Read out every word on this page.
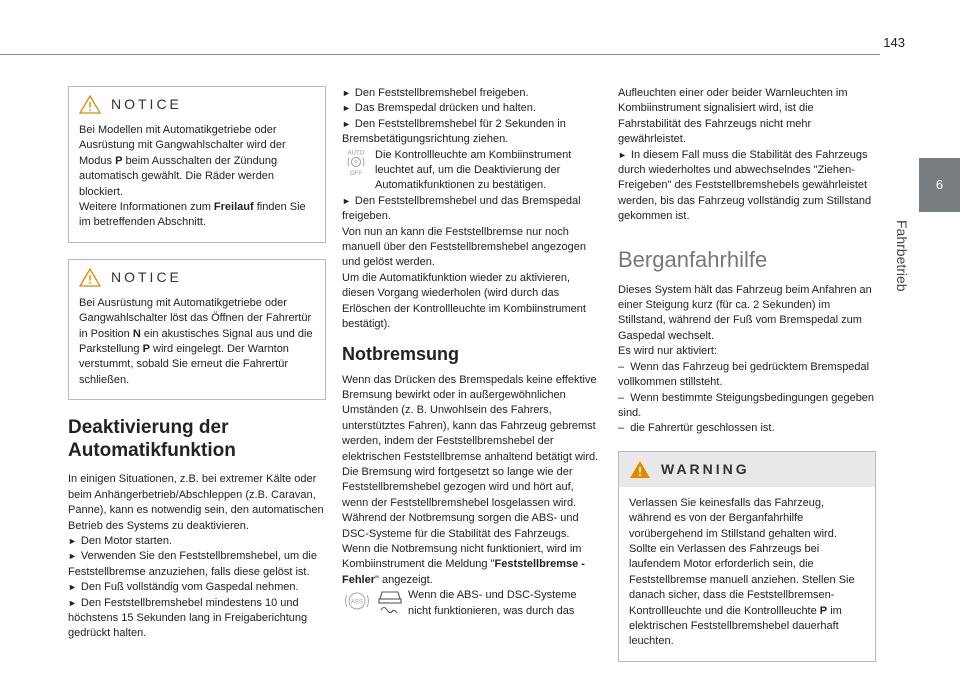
143
6
Fahrbetrieb
NOTICE

Bei Modellen mit Automatikgetriebe oder Ausrüstung mit Gangwahlschalter wird der Modus P beim Ausschalten der Zündung automatisch gewählt. Die Räder werden blockiert.
Weitere Informationen zum Freilauf finden Sie im betreffenden Abschnitt.

NOTICE

Bei Ausrüstung mit Automatikgetriebe oder Gangwahlschalter löst das Öffnen der Fahrertür in Position N ein akustisches Signal aus und die Parkstellung P wird eingelegt. Der Warnton verstummt, sobald Sie erneut die Fahrertür schließen.

Deaktivierung der Automatikfunktion

In einigen Situationen, z.B. bei extremer Kälte oder beim Anhängerbetrieb/Abschleppen (z.B. Caravan, Panne), kann es notwendig sein, den automatischen Betrieb des Systems zu deaktivieren.

► Den Motor starten.

► Verwenden Sie den Feststellbremshebel, um die Feststellbremse anzuziehen, falls diese gelöst ist.

► Den Fuß vollständig vom Gaspedal nehmen.

► Den Feststellbremshebel mindestens 10 und höchstens 15 Sekunden lang in Freigaberichtung gedrückt halten.

► Den Feststellbremshebel freigeben.

► Das Bremspedal drücken und halten.

► Den Feststellbremshebel für 2 Sekunden in Bremsbetätigungsrichtung ziehen.

AUTO
P
OFF

Die Kontrollleuchte am Kombiinstrument leuchtet auf, um die Deaktivierung der Automatikfunktionen zu bestätigen.

► Den Feststellbremshebel und das Bremspedal freigeben.

Von nun an kann die Feststellbremse nur noch manuell über den Feststellbremshebel angezogen und gelöst werden.

Um die Automatikfunktion wieder zu aktivieren, diesen Vorgang wiederholen (wird durch das Erlöschen der Kontrollleuchte im Kombiinstrument bestätigt).

Notbremsung

Wenn das Drücken des Bremspedals keine effektive Bremsung bewirkt oder in außergewöhnlichen Umständen (z. B. Unwohlsein des Fahrers, unterstütztes Fahren), kann das Fahrzeug gebremst werden, indem der Feststellbremshebel der elektrischen Feststellbremse anhaltend betätigt wird.

Die Bremsung wird fortgesetzt so lange wie der Feststellbremshebel gezogen wird und hört auf, wenn der Feststellbremshebel losgelassen wird.

Während der Notbremsung sorgen die ABS- und DSC-Systeme für die Stabilität des Fahrzeugs.

Wenn die Notbremsung nicht funktioniert, wird im Kombiinstrument die Meldung "Feststellbremse - Fehler" angezeigt.

ABS

Wenn die ABS- und DSC-Systeme nicht funktionieren, was durch das

Aufleuchten einer oder beider Warnleuchten im Kombiinstrument signalisiert wird, ist die Fahrstabilität des Fahrzeugs nicht mehr gewährleistet.

► In diesem Fall muss die Stabilität des Fahrzeugs durch wiederholtes und abwechselndes "Ziehen-Freigeben" des Feststellbremshebels gewährleistet werden, bis das Fahrzeug vollständig zum Stillstand gekommen ist.

Berganfahrhilfe

Dieses System hält das Fahrzeug beim Anfahren an einer Steigung kurz (für ca. 2 Sekunden) im Stillstand, während der Fuß vom Bremspedal zum Gaspedal wechselt.

Es wird nur aktiviert:

–  Wenn das Fahrzeug bei gedrücktem Bremspedal vollkommen stillsteht.

–  Wenn bestimmte Steigungsbedingungen gegeben sind.

–  die Fahrertür geschlossen ist.

WARNING

Verlassen Sie keinesfalls das Fahrzeug, während es von der Berganfahrhilfe vorübergehend im Stillstand gehalten wird.

Sollte ein Verlassen des Fahrzeugs bei laufendem Motor erforderlich sein, die Feststellbremse manuell anziehen. Stellen Sie danach sicher, dass die Feststellbremsen-Kontrollleuchte und die Kontrollleuchte P im elektrischen Feststellbremshebel dauerhaft leuchten.
